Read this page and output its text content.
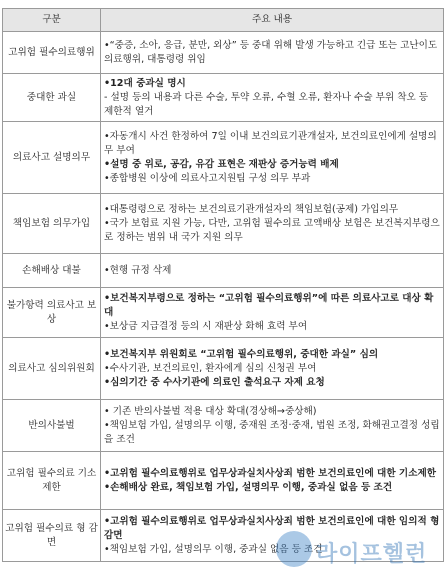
구분	주요 내용
고위험 필수의료행위	•“중증, 소아, 응급, 분만, 외상” 등 중대 위해 발생 가능하고 긴급 또는 고난이도 의료행위, 대통령령 위임

중대한 과실	•12대 중과실 명시
- 설명 등의 내용과 다른 수술, 투약 오류, 수혈 오류, 환자나 수술 부위 착오 등 제한적 열거

의료사고 설명의무	•자동개시 사건 한정하여 7일 이내 보건의료기관개설자, 보건의료인에게 설명의무 부여
•설명 중 위로, 공감, 유감 표현은 재판상 증거능력 배제
•종합병원 이상에 의료사고지원팀 구성 의무 부과

책임보험 의무가입	•대통령령으로 정하는 보건의료기관개설자의 책임보험(공제) 가입의무
•국가 보험료 지원 가능, 다만, 고위험 필수의료 고액배상 보험은 보건복지부령으로 정하는 범위 내 국가 지원 의무

손해배상 대불	•현행 규정 삭제

불가항력 의료사고 보상	•보건복지부령으로 정하는 “고위험 필수의료행위”에 따른 의료사고로 대상 확대
•보상금 지급결정 등의 시 재판상 화해 효력 부여

의료사고 심의위원회	•보건복지부 위원회로 “고위험 필수의료행위, 중대한 과실” 심의
•수사기관, 보건의료인, 환자에게 심의 신청권 부여
•심의기간 중 수사기관에 의료인 출석요구 자제 요청

반의사불벌	• 기존 반의사불벌 적용 대상 확대(경상해→중상해)
•책임보험 가입, 설명의무 이행, 중재원 조정·중재, 법원 조정, 화해권고결정 성립을 조건

고위험 필수의료 기소제한	•고위험 필수의료행위로 업무상과실치사상죄 범한 보건의료인에 대한 기소제한
•손해배상 완료, 책임보험 가입, 설명의무 이행, 중과실 없음 등 조건

고위험 필수의료 형 감면	•고위험 필수의료행위로 업무상과실치사상죄 범한 보건의료인에 대한 임의적 형 감면
•책임보험 가입, 설명의무 이행, 중과실 없음 등 조건
라이프헬런
